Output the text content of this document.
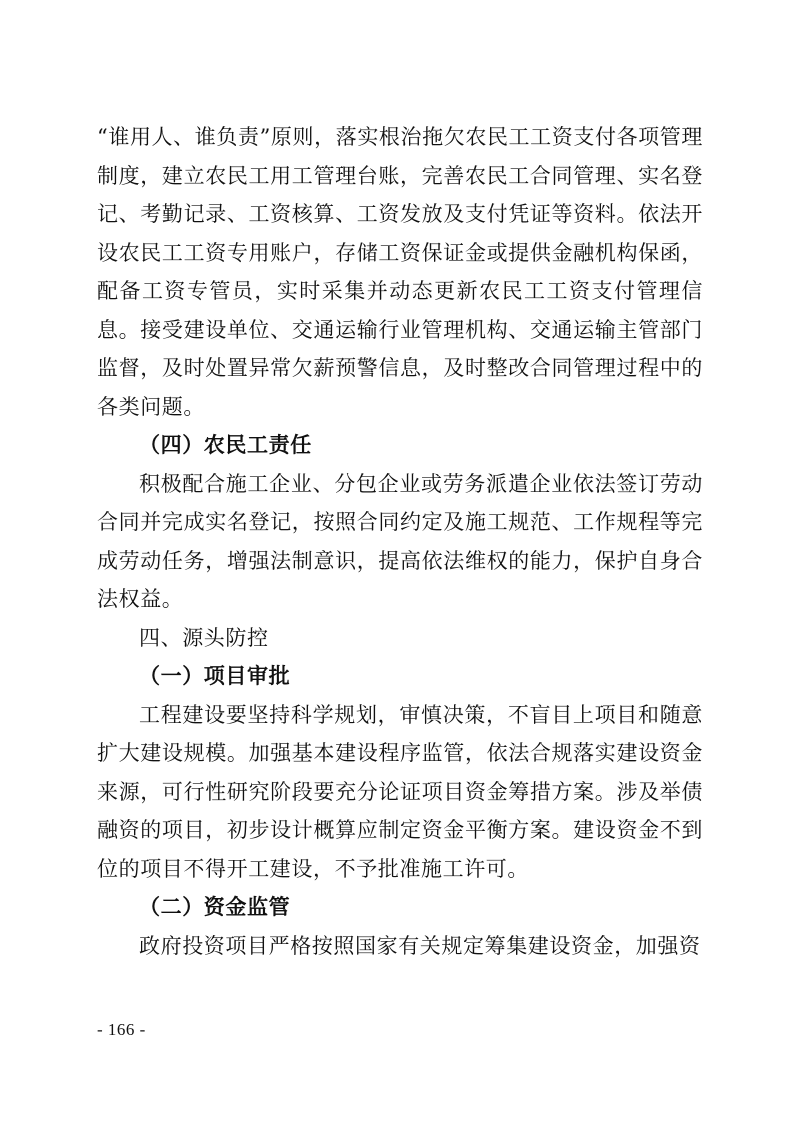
“谁用人、谁负责”原则，落实根治拖欠农民工工资支付各项管理制度，建立农民工用工管理台账，完善农民工合同管理、实名登记、考勤记录、工资核算、工资发放及支付凭证等资料。依法开设农民工工资专用账户，存储工资保证金或提供金融机构保函，配备工资专管员，实时采集并动态更新农民工工资支付管理信息。接受建设单位、交通运输行业管理机构、交通运输主管部门监督，及时处置异常欠薪预警信息，及时整改合同管理过程中的各类问题。

（四）农民工责任

积极配合施工企业、分包企业或劳务派遣企业依法签订劳动合同并完成实名登记，按照合同约定及施工规范、工作规程等完成劳动任务，增强法制意识，提高依法维权的能力，保护自身合法权益。

四、源头防控

（一）项目审批

工程建设要坚持科学规划，审慎决策，不盲目上项目和随意扩大建设规模。加强基本建设程序监管，依法合规落实建设资金来源，可行性研究阶段要充分论证项目资金筹措方案。涉及举债融资的项目，初步设计概算应制定资金平衡方案。建设资金不到位的项目不得开工建设，不予批准施工许可。

（二）资金监管

政府投资项目严格按照国家有关规定筹集建设资金，加强资

- 166 -
